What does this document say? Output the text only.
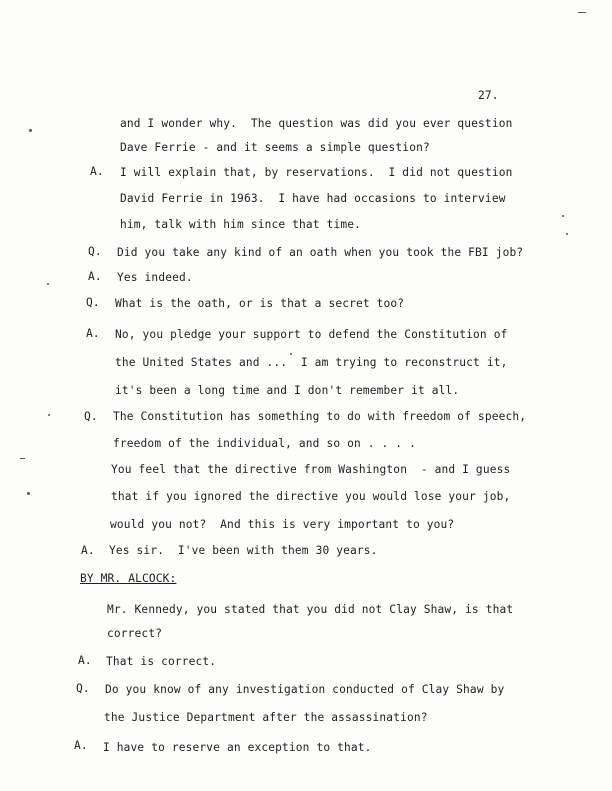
27.
and I wonder why.  The question was did you ever question
Dave Ferrie - and it seems a simple question?
A. I will explain that, by reservations.  I did not question
David Ferrie in 1963.  I have had occasions to interview
him, talk with him since that time.
Q. Did you take any kind of an oath when you took the FBI job?
A. Yes indeed.
Q. What is the oath, or is that a secret too?
A. No, you pledge your support to defend the Constitution of
the United States and ...  I am trying to reconstruct it,
it's been a long time and I don't remember it all.
Q. The Constitution has something to do with freedom of speech,
freedom of the individual, and so on . . . .
You feel that the directive from Washington  - and I guess
that if you ignored the directive you would lose your job,
would you not?  And this is very important to you?
A. Yes sir.  I've been with them 30 years.
BY MR. ALCOCK:
Mr. Kennedy, you stated that you did not Clay Shaw, is that
correct?
A. That is correct.
Q. Do you know of any investigation conducted of Clay Shaw by
the Justice Department after the assassination?
A. I have to reserve an exception to that.
